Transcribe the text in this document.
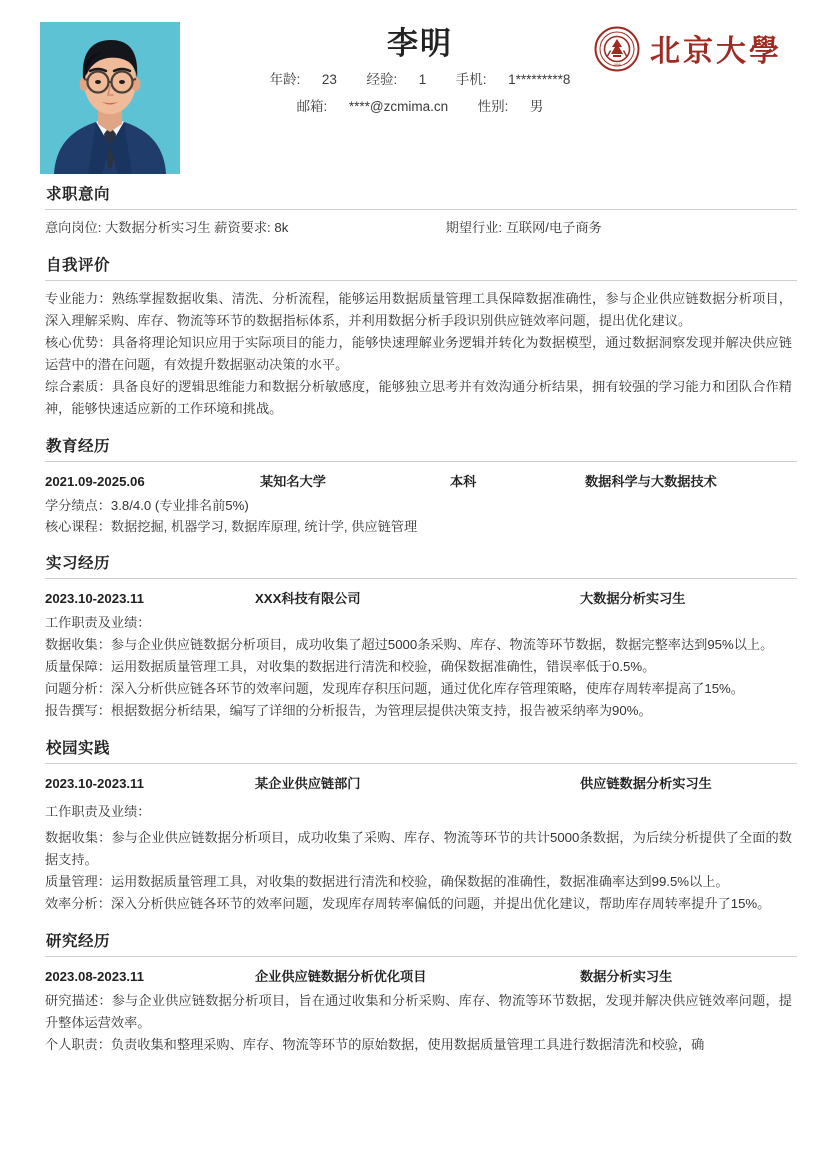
李明
年龄: 23 经验: 1 手机: 1*********8
邮箱: ****@zcmima.cn 性别: 男
1898 北京大學
求职意向

意向岗位: 大数据分析实习生 薪资要求: 8k	期望行业: 互联网/电子商务

自我评价

专业能力：熟练掌握数据收集、清洗、分析流程，能够运用数据质量管理工具保障数据准确性，参与企业供应链数据分析项目，深入理解采购、库存、物流等环节的数据指标体系，并利用数据分析手段识别供应链效率问题，提出优化建议。

核心优势：具备将理论知识应用于实际项目的能力，能够快速理解业务逻辑并转化为数据模型，通过数据洞察发现并解决供应链运营中的潜在问题，有效提升数据驱动决策的水平。

综合素质：具备良好的逻辑思维能力和数据分析敏感度，能够独立思考并有效沟通分析结果，拥有较强的学习能力和团队合作精神，能够快速适应新的工作环境和挑战。

教育经历
2021.09-2025.06	某知名大学	本科	数据科学与大数据技术
学分绩点：3.8/4.0 (专业排名前5%)
核心课程：数据挖掘, 机器学习, 数据库原理, 统计学, 供应链管理
实习经历
2023.10-2023.11	XXX科技有限公司	大数据分析实习生

工作职责及业绩：

数据收集：参与企业供应链数据分析项目，成功收集了超过5000条采购、库存、物流等环节数据，数据完整率达到95%以上。

质量保障：运用数据质量管理工具，对收集的数据进行清洗和校验，确保数据准确性，错误率低于0.5%。

问题分析：深入分析供应链各环节的效率问题，发现库存积压问题，通过优化库存管理策略，使库存周转率提高了15%。

报告撰写：根据数据分析结果，编写了详细的分析报告，为管理层提供决策支持，报告被采纳率为90%。

校园实践
2023.10-2023.11	某企业供应链部门	供应链数据分析实习生

工作职责及业绩：

数据收集：参与企业供应链数据分析项目，成功收集了采购、库存、物流等环节的共计5000条数据，为后续分析提供了全面的数据支持。

质量管理：运用数据质量管理工具，对收集的数据进行清洗和校验，确保数据的准确性，数据准确率达到99.5%以上。

效率分析：深入分析供应链各环节的效率问题，发现库存周转率偏低的问题，并提出优化建议，帮助库存周转率提升了15%。

研究经历
2023.08-2023.11	企业供应链数据分析优化项目	数据分析实习生

研究描述：参与企业供应链数据分析项目，旨在通过收集和分析采购、库存、物流等环节数据，发现并解决供应链效率问题，提升整体运营效率。

个人职责：负责收集和整理采购、库存、物流等环节的原始数据，使用数据质量管理工具进行数据清洗和校验，确
